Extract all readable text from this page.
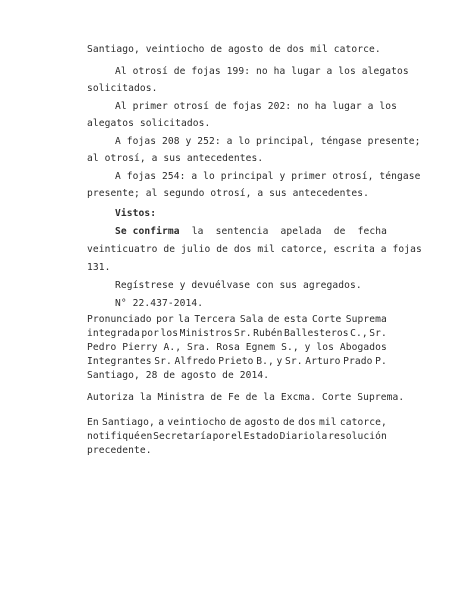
Santiago, veintiocho de agosto de dos mil catorce.
Al otrosí de fojas 199: no ha lugar a los alegatos
solicitados.
Al primer otrosí de fojas 202: no ha lugar a los
alegatos solicitados.
A fojas 208 y 252: a lo principal, téngase presente;
al otrosí, a sus antecedentes.
A fojas 254: a lo principal y primer otrosí, téngase
presente; al segundo otrosí, a sus antecedentes.
Vistos:
Se confirma la sentencia apelada de fecha
veinticuatro de julio de dos mil catorce, escrita a fojas
131.
Regístrese y devuélvase con sus agregados.
N° 22.437-2014.
Pronunciado por la Tercera Sala de esta Corte Suprema
integrada por los Ministros Sr. Rubén Ballesteros C., Sr.
Pedro Pierry A., Sra. Rosa Egnem S., y los Abogados
Integrantes Sr. Alfredo Prieto B., y Sr. Arturo Prado P.
Santiago, 28 de agosto de 2014.
Autoriza la Ministra de Fe de la Excma. Corte Suprema.
En Santiago, a veintiocho de agosto de dos mil catorce,
notifiqué en Secretaría por el Estado Diario la resolución
precedente.
